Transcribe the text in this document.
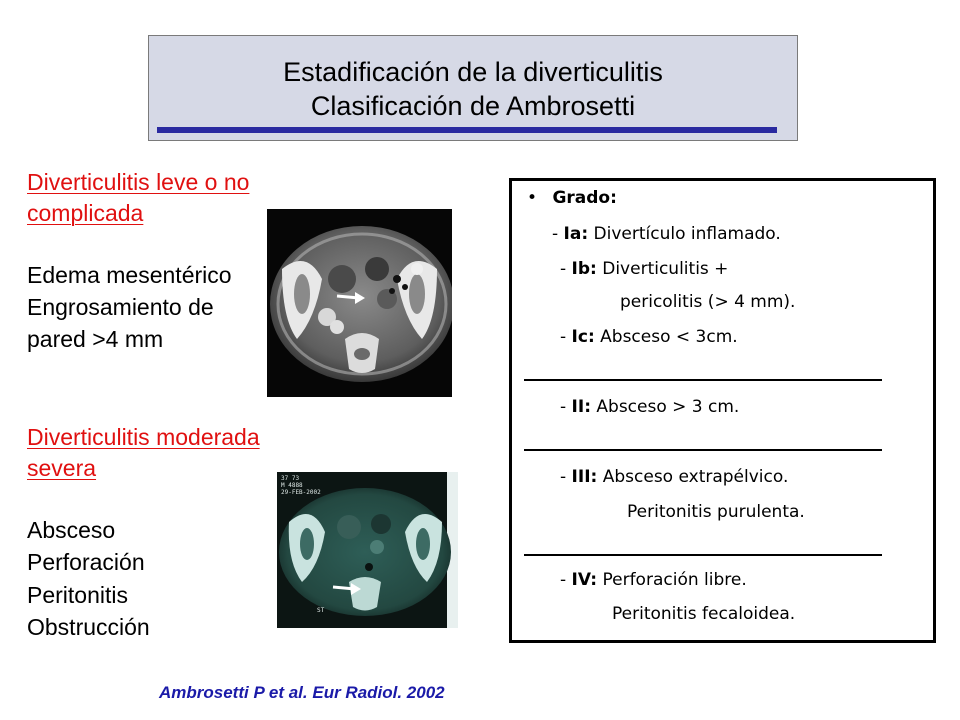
Estadificación de la diverticulitis
Clasificación de Ambrosetti
Diverticulitis leve o no
complicada
Edema mesentérico
Engrosamiento de
pared >4 mm
Diverticulitis moderada
severa
Absceso
Perforación
Peritonitis
Obstrucción
37 73
M 4888
29-FEB-2002
ST
• Grado:
- Ia: Divertículo inflamado.
- Ib: Diverticulitis +
pericolitis (> 4 mm).
- Ic: Absceso < 3cm.
- II: Absceso > 3 cm.
- III: Absceso extrapélvico.
Peritonitis purulenta.
- IV: Perforación libre.
Peritonitis fecaloidea.
Ambrosetti P et al. Eur Radiol. 2002
